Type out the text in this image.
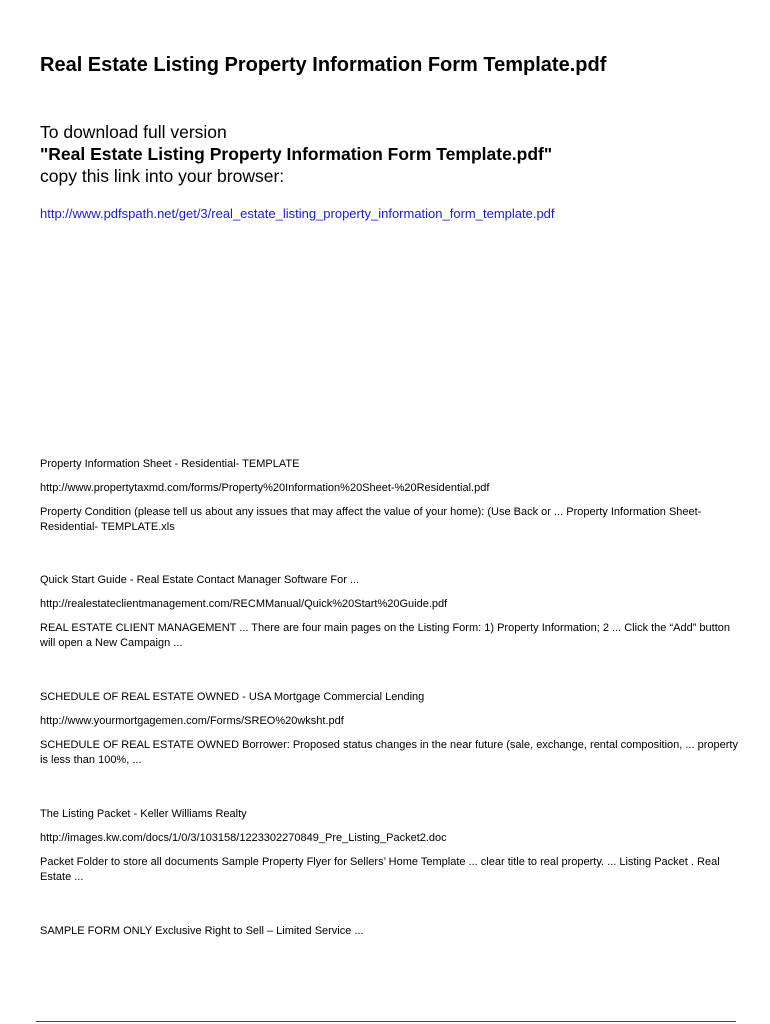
Real Estate Listing Property Information Form Template.pdf
To download full version
"Real Estate Listing Property Information Form Template.pdf"
copy this link into your browser:
http://www.pdfspath.net/get/3/real_estate_listing_property_information_form_template.pdf
Property Information Sheet - Residential- TEMPLATE
http://www.propertytaxmd.com/forms/Property%20Information%20Sheet-%20Residential.pdf
Property Condition (please tell us about any issues that may affect the value of your home): (Use Back or ... Property Information Sheet- Residential- TEMPLATE.xls
Quick Start Guide - Real Estate Contact Manager Software For ...
http://realestateclientmanagement.com/RECMManual/Quick%20Start%20Guide.pdf
REAL ESTATE CLIENT MANAGEMENT ... There are four main pages on the Listing Form: 1) Property Information; 2 ... Click the “Add” button will open a New Campaign ...
SCHEDULE OF REAL ESTATE OWNED - USA Mortgage Commercial Lending
http://www.yourmortgagemen.com/Forms/SREO%20wksht.pdf
SCHEDULE OF REAL ESTATE OWNED Borrower: Proposed status changes in the near future (sale, exchange, rental composition, ... property is less than 100%, ...
The Listing Packet - Keller Williams Realty
http://images.kw.com/docs/1/0/3/103158/1223302270849_Pre_Listing_Packet2.doc
Packet Folder to store all documents Sample Property Flyer for Sellers’ Home Template ... clear title to real property. ... Listing Packet . Real Estate ...
SAMPLE FORM ONLY Exclusive Right to Sell – Limited Service ...
